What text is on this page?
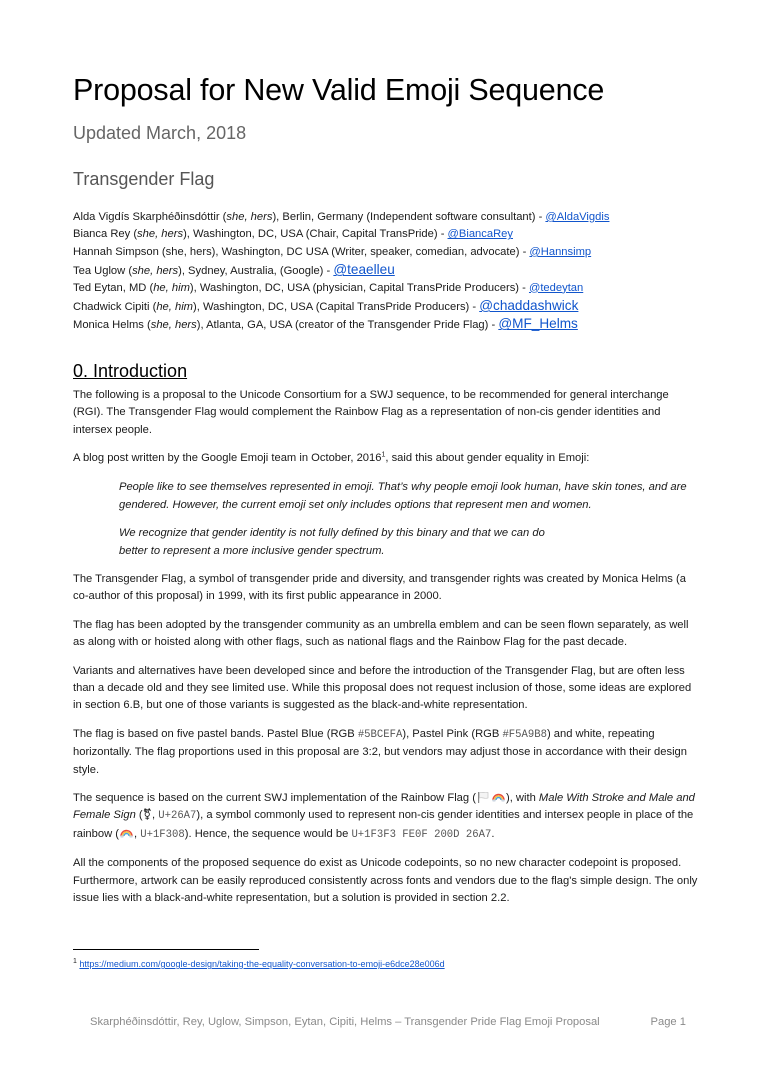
Proposal for New Valid Emoji Sequence
Updated March, 2018
Transgender Flag
Alda Vigdís Skarphéðinsdóttir (she, hers), Berlin, Germany (Independent software consultant) - @AldaVigdis
Bianca Rey (she, hers), Washington, DC, USA (Chair, Capital TransPride) - @BiancaRey
Hannah Simpson (she, hers), Washington, DC USA (Writer, speaker, comedian, advocate) - @Hannsimp
Tea Uglow (she, hers), Sydney, Australia, (Google) - @teaelleu
Ted Eytan, MD (he, him), Washington, DC, USA (physician, Capital TransPride Producers) - @tedeytan
Chadwick Cipiti (he, him), Washington, DC, USA (Capital TransPride Producers) - @chaddashwick
Monica Helms (she, hers), Atlanta, GA, USA (creator of the Transgender Pride Flag) - @MF_Helms
0. Introduction

The following is a proposal to the Unicode Consortium for a SWJ sequence, to be recommended for general interchange (RGI). The Transgender Flag would complement the Rainbow Flag as a representation of non-cis gender identities and intersex people.

A blog post written by the Google Emoji team in October, 2016$^1$, said this about gender equality in Emoji:

People like to see themselves represented in emoji. That’s why people emoji look human, have skin tones, and are gendered. However, the current emoji set only includes options that represent men and women.

We recognize that gender identity is not fully defined by this binary and that we can do
better to represent a more inclusive gender spectrum.

The Transgender Flag, a symbol of transgender pride and diversity, and transgender rights was created by Monica Helms (a co-author of this proposal) in 1999, with its first public appearance in 2000.

The flag has been adopted by the transgender community as an umbrella emblem and can be seen flown separately, as well as along with or hoisted along with other flags, such as national flags and the Rainbow Flag for the past decade.

Variants and alternatives have been developed since and before the introduction of the Transgender Flag, but are often less than a decade old and they see limited use. While this proposal does not request inclusion of those, some ideas are explored in section 6.B, but one of those variants is suggested as the black-and-white representation.

The flag is based on five pastel bands. Pastel Blue (RGB #5BCEFA), Pastel Pink (RGB #F5A9B8) and white, repeating horizontally. The flag proportions used in this proposal are 3:2, but vendors may adjust those in accordance with their design style.

The sequence is based on the current SWJ implementation of the Rainbow Flag (	), with Male With Stroke and Male and Female Sign (⚧, U+26A7), a symbol commonly used to represent non-cis gender identities and intersex people in place of the rainbow ( , U+1F308). Hence, the sequence would be U+1F3F3 FE0F 200D 26A7.

All the components of the proposed sequence do exist as Unicode codepoints, so no new character codepoint is proposed. Furthermore, artwork can be easily reproduced consistently across fonts and vendors due to the flag's simple design. The only issue lies with a black-and-white representation, but a solution is provided in section 2.2.

$^1$ https://medium.com/google-design/taking-the-equality-conversation-to-emoji-e6dce28e006d
Skarphéðinsdóttir, Rey, Uglow, Simpson, Eytan, Cipiti, Helms – Transgender Pride Flag Emoji Proposal	Page 1
